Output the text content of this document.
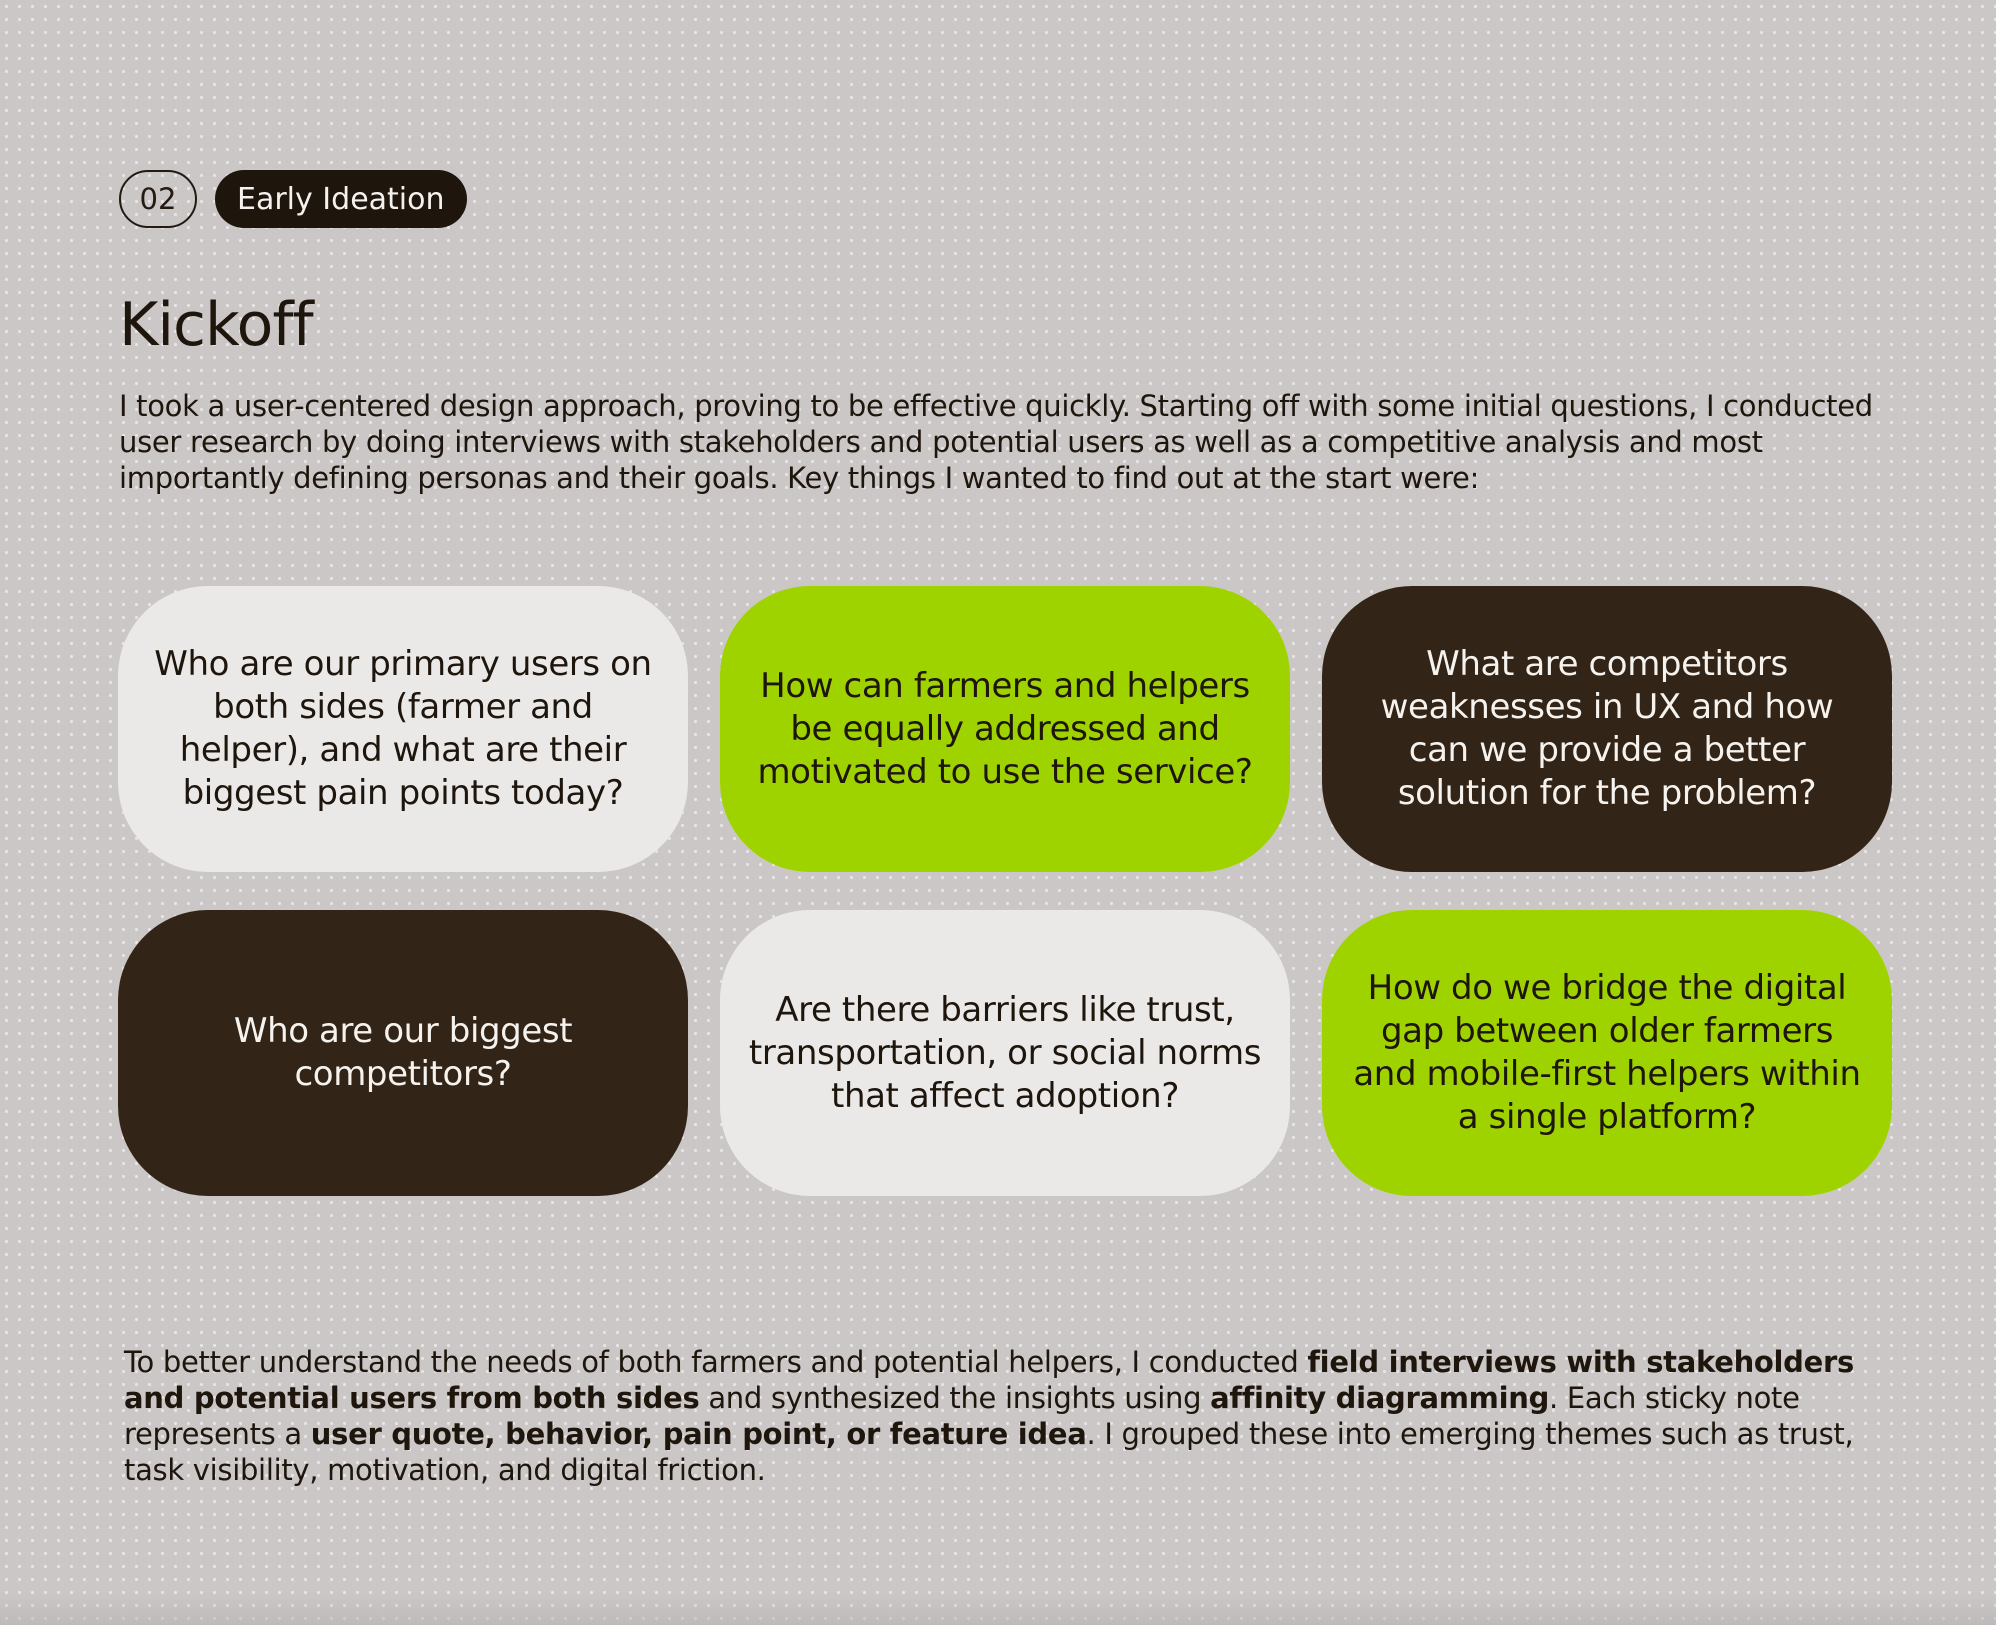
02	Early Ideation
Kickoff

I took a user-centered design approach, proving to be effective quickly. Starting off with some initial questions, I conducted user research by doing interviews with stakeholders and potential users as well as a competitive analysis and most importantly defining personas and their goals. Key things I wanted to find out at the start were:

Who are our primary users on both sides (farmer and helper), and what are their biggest pain points today?
How can farmers and helpers be equally addressed and motivated to use the service?
What are competitors weaknesses in UX and how can we provide a better solution for the problem?
Who are our biggest competitors?
Are there barriers like trust, transportation, or social norms that affect adoption?
How do we bridge the digital gap between older farmers and mobile-first helpers within a single platform?

To better understand the needs of both farmers and potential helpers, I conducted field interviews with stakeholders and potential users from both sides and synthesized the insights using affinity diagramming. Each sticky note represents a user quote, behavior, pain point, or feature idea. I grouped these into emerging themes such as trust, task visibility, motivation, and digital friction.
